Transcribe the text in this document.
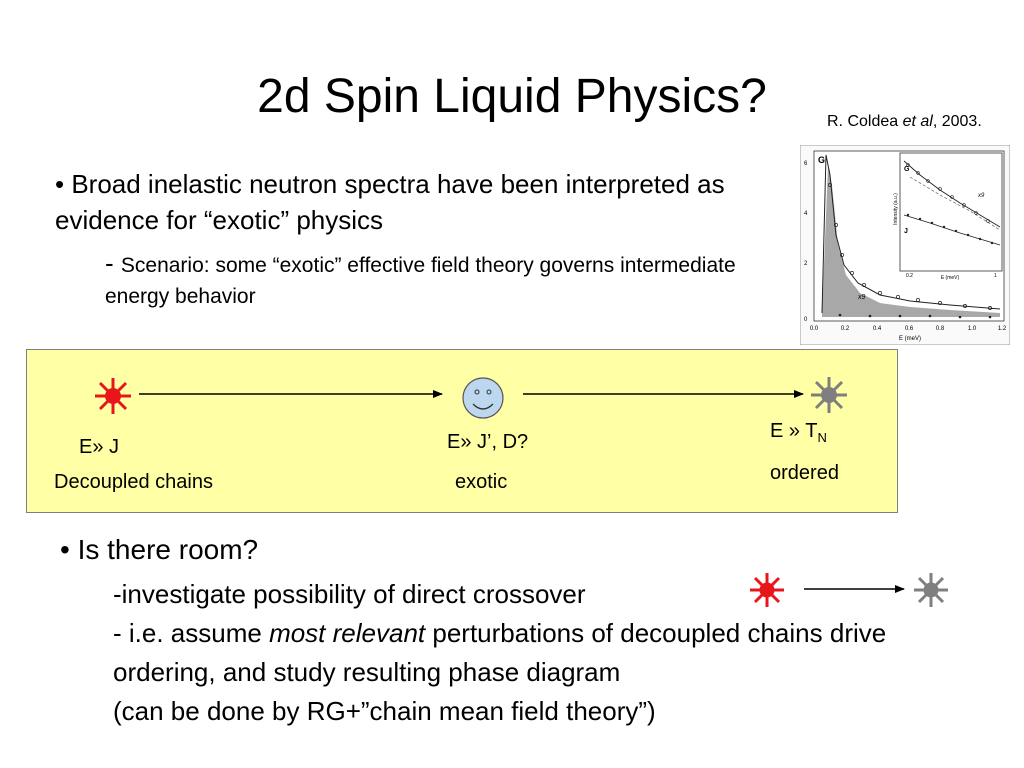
2d Spin Liquid Physics?	R. Coldea et al, 2003.
• Broad inelastic neutron spectra have been interpreted as evidence for “exotic” physics
- Scenario: some “exotic” effective field theory governs intermediate energy behavior
G
x9
0
2
4
6
0.0	0.2	0.4	0.6	0.8	1.0	1.2
E (meV)
G
J
x9
Intensity (a.u.)
E (meV)
0.2	1
E» J
Decoupled chains
E» J’, D?
exotic
E » $T_N$
ordered
• Is there room?

-investigate possibility of direct crossover

- i.e. assume most relevant perturbations of decoupled chains drive ordering, and study resulting phase diagram

(can be done by RG+”chain mean field theory”)
